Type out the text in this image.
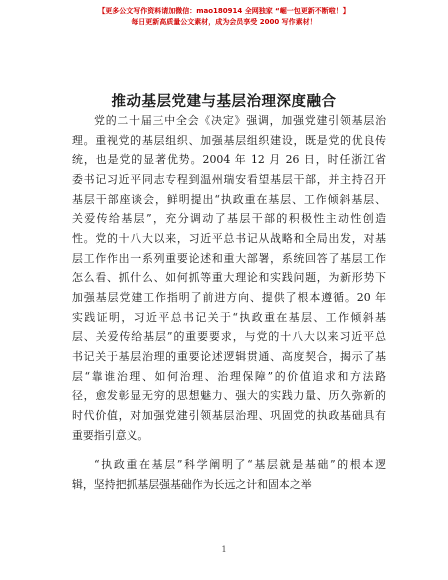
【更多公文写作资料请加微信：mao180914 全网独家 “崛一包更新不断啦！】
每日更新高质量公文素材，成为会员享受 2000 写作素材！
推动基层党建与基层治理深度融合

党的二十届三中全会《决定》强调，加强党建引领基层治
理。重视党的基层组织、加强基层组织建设，既是党的优良传
统，也是党的显著优势。2004 年 12 月 26 日，时任浙江省
委书记习近平同志专程到温州瑞安看望基层干部，并主持召开
基层干部座谈会，鲜明提出“执政重在基层、工作倾斜基层、
关爱传给基层”，充分调动了基层干部的积极性主动性创造
性。党的十八大以来，习近平总书记从战略和全局出发，对基
层工作作出一系列重要论述和重大部署，系统回答了基层工作
怎么看、抓什么、如何抓等重大理论和实践问题，为新形势下
加强基层党建工作指明了前进方向、提供了根本遵循。20 年
实践证明，习近平总书记关于“执政重在基层、工作倾斜基
层、关爱传给基层”的重要要求，与党的十八大以来习近平总
书记关于基层治理的重要论述逻辑贯通、高度契合，揭示了基
层“靠谁治理、如何治理、治理保障”的价值追求和方法路
径，愈发彰显无穷的思想魅力、强大的实践力量、历久弥新的
时代价值，对加强党建引领基层治理、巩固党的执政基础具有
重要指引意义。

“执政重在基层”科学阐明了“基层就是基础”的根本逻
辑，坚持把抓基层强基础作为长远之计和固本之举

1
